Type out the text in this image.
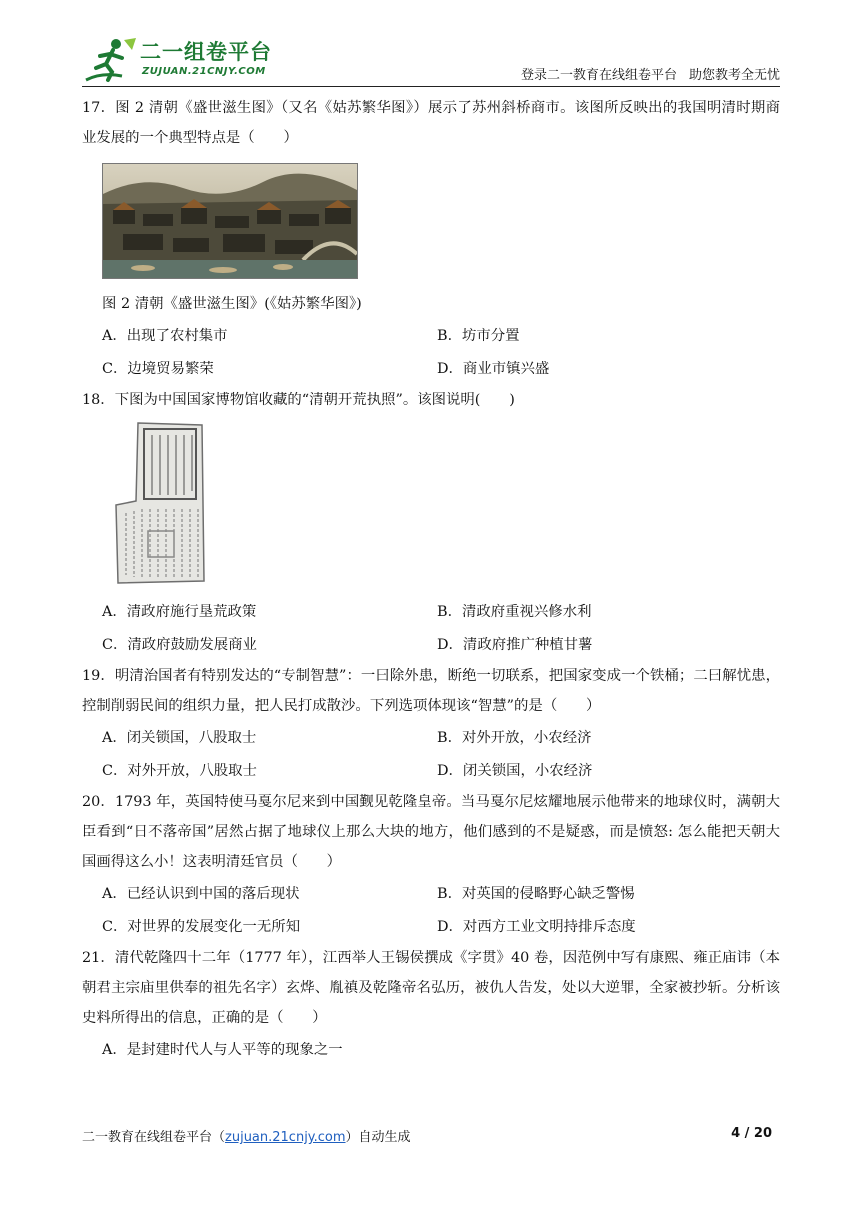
二一组卷平台
ZUJUAN.21CNJY.COM	登录二一教育在线组卷平台 助您教考全无忧

17．图 2 清朝《盛世滋生图》（又名《姑苏繁华图》）展示了苏州斜桥商市。该图所反映出的我国明清时期商业发展的一个典型特点是（　　）

图 2 清朝《盛世滋生图》(《姑苏繁华图》)

A．出现了农村集市	B．坊市分置
C．边境贸易繁荣	D．商业市镇兴盛

18．下图为中国国家博物馆收藏的“清朝开荒执照”。该图说明(　　)

A．清政府施行垦荒政策	B．清政府重视兴修水利
C．清政府鼓励发展商业	D．清政府推广种植甘薯

19．明清治国者有特别发达的“专制智慧”：一曰除外患，断绝一切联系，把国家变成一个铁桶；二曰解忧患，控制削弱民间的组织力量，把人民打成散沙。下列选项体现该“智慧”的是（　　）

A．闭关锁国，八股取士	B．对外开放，小农经济
C．对外开放，八股取士	D．闭关锁国，小农经济

20．1793 年，英国特使马戛尔尼来到中国觐见乾隆皇帝。当马戛尔尼炫耀地展示他带来的地球仪时，满朝大臣看到“日不落帝国”居然占据了地球仪上那么大块的地方，他们感到的不是疑惑，而是愤怒: 怎么能把天朝大国画得这么小！这表明清廷官员（　　）

A．已经认识到中国的落后现状	B．对英国的侵略野心缺乏警惕
C．对世界的发展变化一无所知	D．对西方工业文明持排斥态度

21．清代乾隆四十二年（1777 年），江西举人王锡侯撰成《字贯》40 卷，因范例中写有康熙、雍正庙讳（本朝君主宗庙里供奉的祖先名字）玄烨、胤禛及乾隆帝名弘历，被仇人告发，处以大逆罪，全家被抄斩。分析该史料所得出的信息，正确的是（　　）

A．是封建时代人与人平等的现象之一
二一教育在线组卷平台（zujuan.21cnjy.com）自动生成	4 / 20
